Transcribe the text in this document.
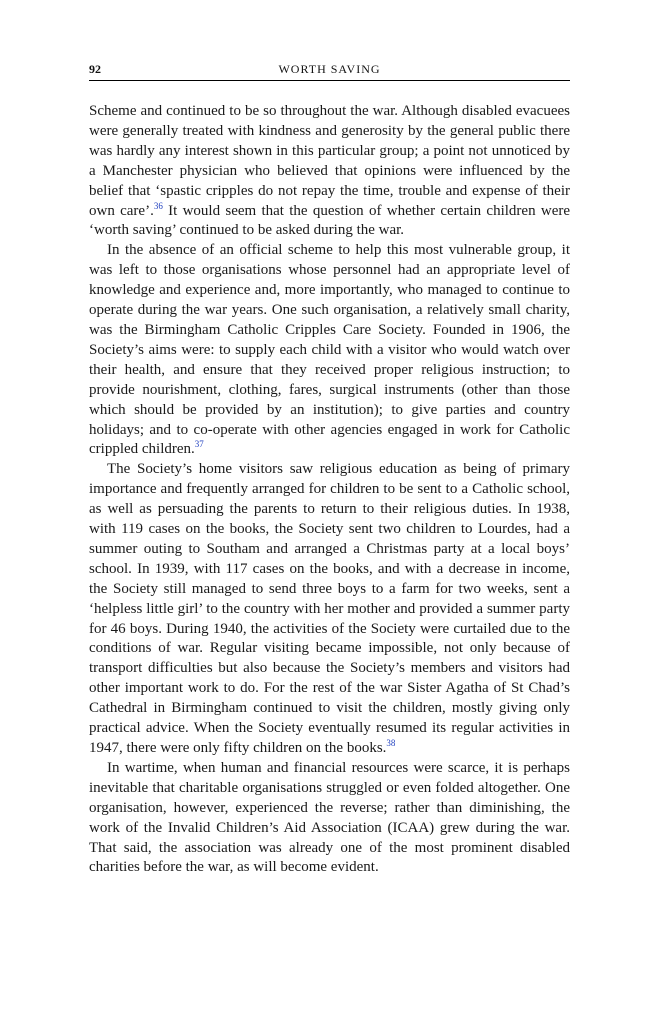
92	WORTH SAVING

Scheme and continued to be so throughout the war. Although disabled evacuees were generally treated with kindness and generosity by the general public there was hardly any interest shown in this particular group; a point not unnoticed by a Manchester physician who believed that opinions were influenced by the belief that ‘spastic cripples do not repay the time, trouble and expense of their own care’.$^{36}$ It would seem that the question of whether certain children were ‘worth saving’ continued to be asked during the war.

In the absence of an official scheme to help this most vulnerable group, it was left to those organisations whose personnel had an appropriate level of knowledge and experience and, more importantly, who managed to continue to operate during the war years. One such organisation, a relatively small charity, was the Birmingham Catholic Cripples Care Society. Founded in 1906, the Society’s aims were: to supply each child with a visitor who would watch over their health, and ensure that they received proper religious instruction; to provide nourishment, clothing, fares, surgical instruments (other than those which should be provided by an institution); to give parties and country holidays; and to co-operate with other agencies engaged in work for Catholic crippled children.$^{37}$

The Society’s home visitors saw religious education as being of primary importance and frequently arranged for children to be sent to a Catholic school, as well as persuading the parents to return to their religious duties. In 1938, with 119 cases on the books, the Society sent two children to Lourdes, had a summer outing to Southam and arranged a Christmas party at a local boys’ school. In 1939, with 117 cases on the books, and with a decrease in income, the Society still managed to send three boys to a farm for two weeks, sent a ‘helpless little girl’ to the country with her mother and provided a summer party for 46 boys. During 1940, the activities of the Society were curtailed due to the conditions of war. Regular visiting became impossible, not only because of transport difficulties but also because the Society’s members and visitors had other important work to do. For the rest of the war Sister Agatha of St Chad’s Cathedral in Birmingham continued to visit the children, mostly giving only practical advice. When the Society eventually resumed its regular activities in 1947, there were only fifty children on the books.$^{38}$

In wartime, when human and financial resources were scarce, it is perhaps inevitable that charitable organisations struggled or even folded altogether. One organisation, however, experienced the reverse; rather than diminishing, the work of the Invalid Children’s Aid Association (ICAA) grew during the war. That said, the association was already one of the most prominent disabled charities before the war, as will become evident.
